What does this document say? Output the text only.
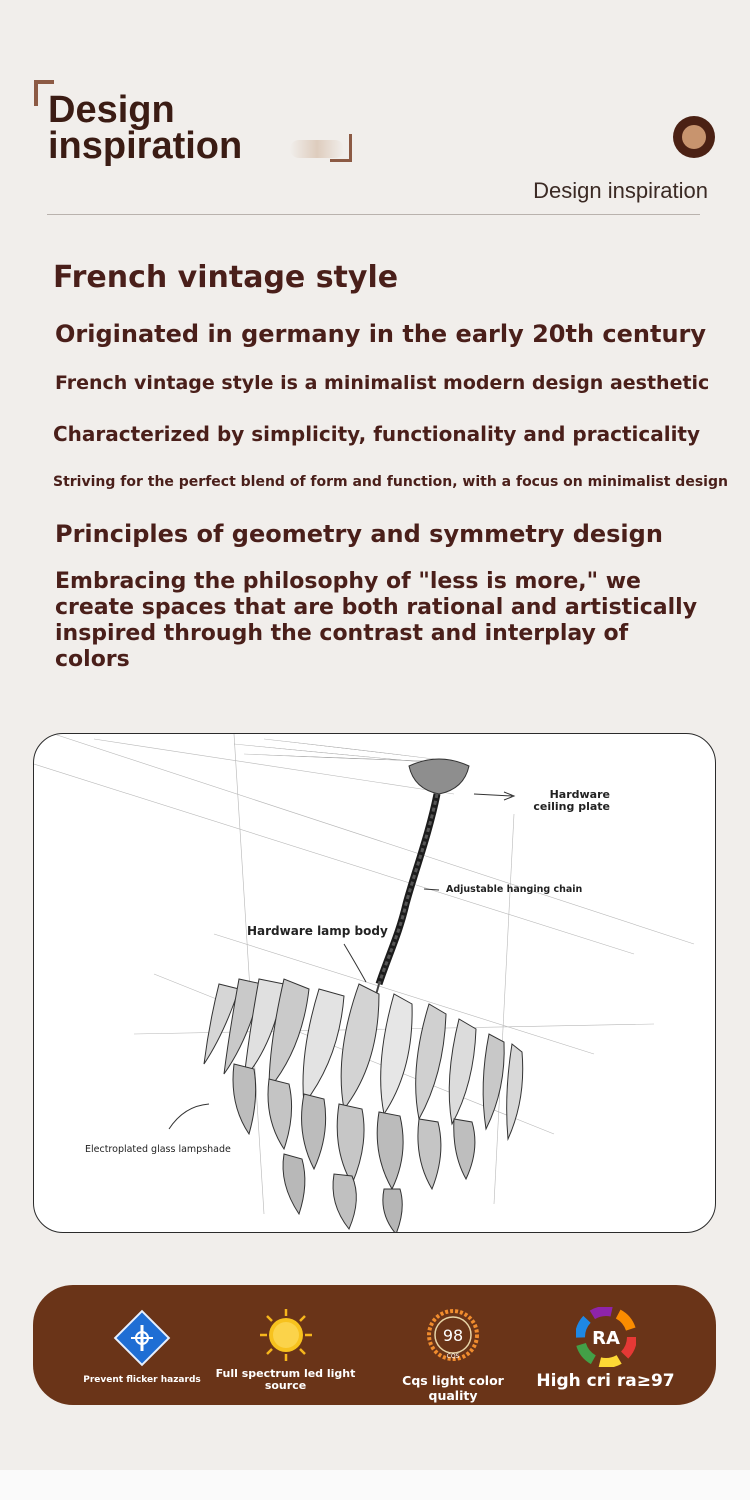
Design
inspiration
Design inspiration
French vintage style
Originated in germany in the early 20th century
French vintage style is a minimalist modern design aesthetic
Characterized by simplicity, functionality and practicality
Striving for the perfect blend of form and function, with a focus on minimalist design
Principles of geometry and symmetry design
Embracing the philosophy of "less is more," we create spaces that are both rational and artistically inspired through the contrast and interplay of colors
Hardware ceiling plate
Adjustable hanging chain
Hardware lamp body
Electroplated glass lampshade
Prevent flicker hazards Full spectrum led light source
98
CQS
Cqs light color quality
RA
High cri ra≥97
